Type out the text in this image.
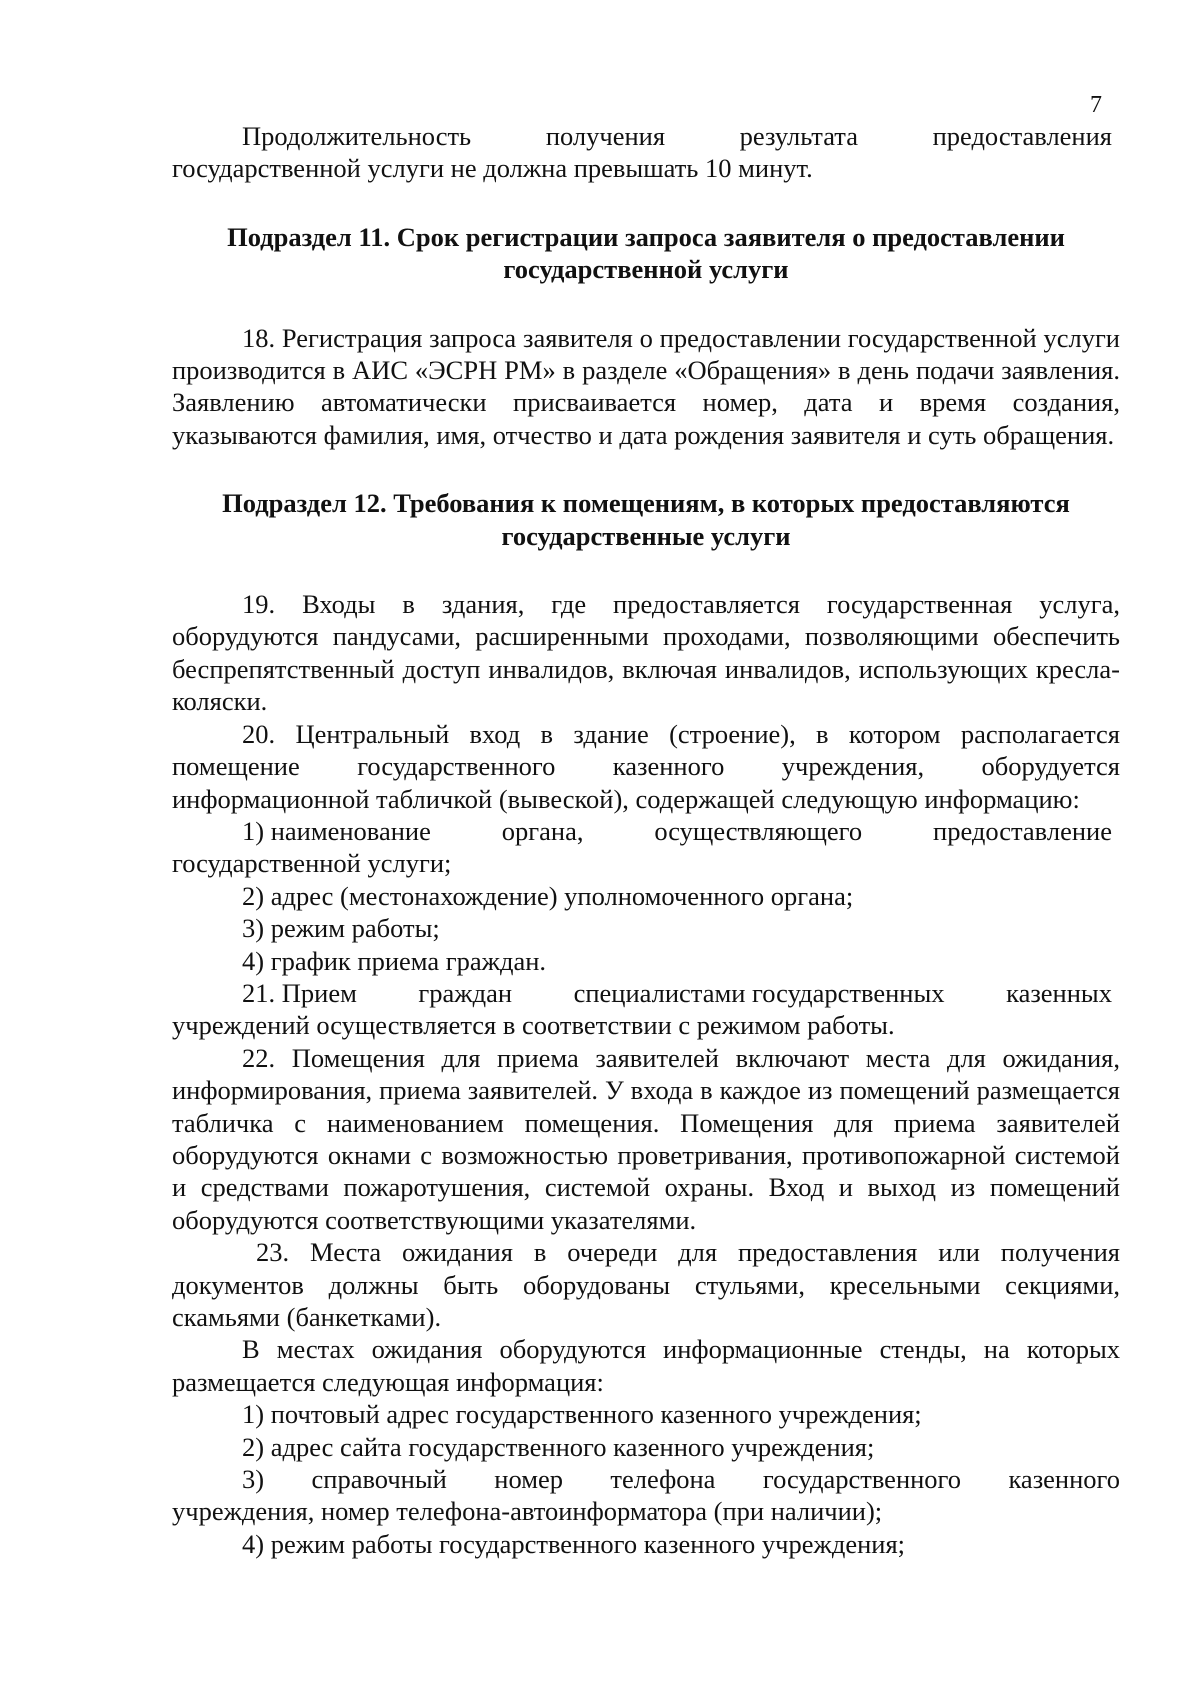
7
Продолжительность	получения	результата	предоставления

государственной услуги не должна превышать 10 минут.

Подраздел 11. Срок регистрации запроса заявителя о предоставлении
государственной услуги

18. Регистрация запроса заявителя о предоставлении государственной услуги производится в АИС «ЭСРН РМ» в разделе «Обращения» в день подачи заявления. Заявлению автоматически присваивается номер, дата и время создания, указываются фамилия, имя, отчество и дата рождения заявителя и суть обращения.

Подраздел 12. Требования к помещениям, в которых предоставляются
государственные услуги

19. Входы в здания, где предоставляется государственная услуга, оборудуются пандусами, расширенными проходами, позволяющими обеспечить беспрепятственный доступ инвалидов, включая инвалидов, использующих кресла-коляски.

20. Центральный вход в здание (строение), в котором располагается помещение государственного казенного учреждения, оборудуется информационной табличкой (вывеской), содержащей следующую информацию:

1) наименование	органа,	осуществляющего	предоставление

государственной услуги;

2) адрес (местонахождение) уполномоченного органа;

3) режим работы;

4) график приема граждан.

21. Прием граждан специалистами государственных казенных

учреждений осуществляется в соответствии с режимом работы.

22. Помещения для приема заявителей включают места для ожидания, информирования, приема заявителей. У входа в каждое из помещений размещается табличка с наименованием помещения. Помещения для приема заявителей оборудуются окнами с возможностью проветривания, противопожарной системой и средствами пожаротушения, системой охраны. Вход и выход из помещений оборудуются соответствующими указателями.

23. Места ожидания в очереди для предоставления или получения документов должны быть оборудованы стульями, кресельными секциями, скамьями (банкетками).

В местах ожидания оборудуются информационные стенды, на которых размещается следующая информация:

1) почтовый адрес государственного казенного учреждения;

2) адрес сайта государственного казенного учреждения;

3) справочный номер телефона государственного казенного

учреждения, номер телефона-автоинформатора (при наличии);

4) режим работы государственного казенного учреждения;
